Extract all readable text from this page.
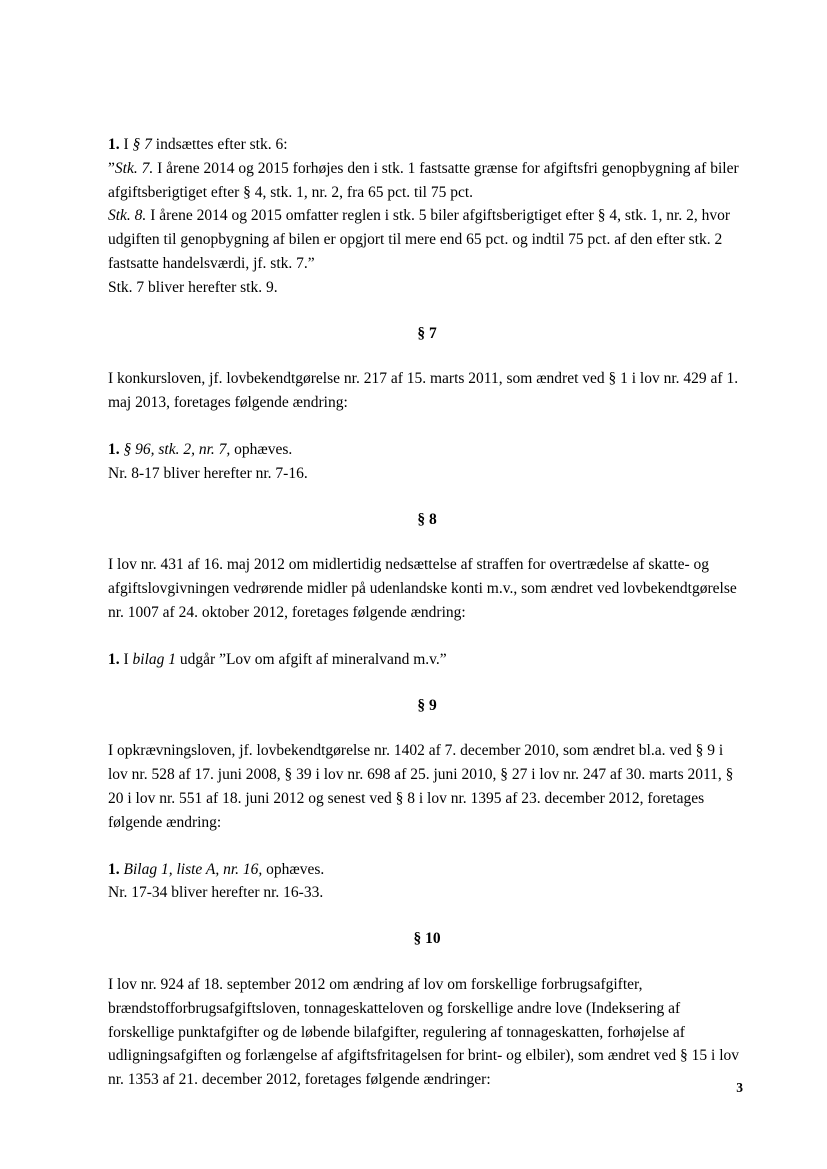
1. I § 7 indsættes efter stk. 6:

”Stk. 7. I årene 2014 og 2015 forhøjes den i stk. 1 fastsatte grænse for afgiftsfri genopbygning af biler afgiftsberigtiget efter § 4, stk. 1, nr. 2, fra 65 pct. til 75 pct.

Stk. 8. I årene 2014 og 2015 omfatter reglen i stk. 5 biler afgiftsberigtiget efter § 4, stk. 1, nr. 2, hvor udgiften til genopbygning af bilen er opgjort til mere end 65 pct. og indtil 75 pct. af den efter stk. 2 fastsatte handelsværdi, jf. stk. 7.”

Stk. 7 bliver herefter stk. 9.

§ 7

I konkursloven, jf. lovbekendtgørelse nr. 217 af 15. marts 2011, som ændret ved § 1 i lov nr. 429 af 1. maj 2013, foretages følgende ændring:

1. § 96, stk. 2, nr. 7, ophæves.

Nr. 8-17 bliver herefter nr. 7-16.

§ 8

I lov nr. 431 af 16. maj 2012 om midlertidig nedsættelse af straffen for overtrædelse af skatte- og afgiftslovgivningen vedrørende midler på udenlandske konti m.v., som ændret ved lovbekendtgørelse nr. 1007 af 24. oktober 2012, foretages følgende ændring:

1. I bilag 1 udgår ”Lov om afgift af mineralvand m.v.”

§ 9

I opkrævningsloven, jf. lovbekendtgørelse nr. 1402 af 7. december 2010, som ændret bl.a. ved § 9 i lov nr. 528 af 17. juni 2008, § 39 i lov nr. 698 af 25. juni 2010, § 27 i lov nr. 247 af 30. marts 2011, § 20 i lov nr. 551 af 18. juni 2012 og senest ved § 8 i lov nr. 1395 af 23. december 2012, foretages følgende ændring:

1. Bilag 1, liste A, nr. 16, ophæves.

Nr. 17-34 bliver herefter nr. 16-33.

§ 10

I lov nr. 924 af 18. september 2012 om ændring af lov om forskellige forbrugsafgifter, brændstofforbrugsafgiftsloven, tonnageskatteloven og forskellige andre love (Indeksering af forskellige punktafgifter og de løbende bilafgifter, regulering af tonnageskatten, forhøjelse af udligningsafgiften og forlængelse af afgiftsfritagelsen for brint- og elbiler), som ændret ved § 15 i lov nr. 1353 af 21. december 2012, foretages følgende ændringer:	3
